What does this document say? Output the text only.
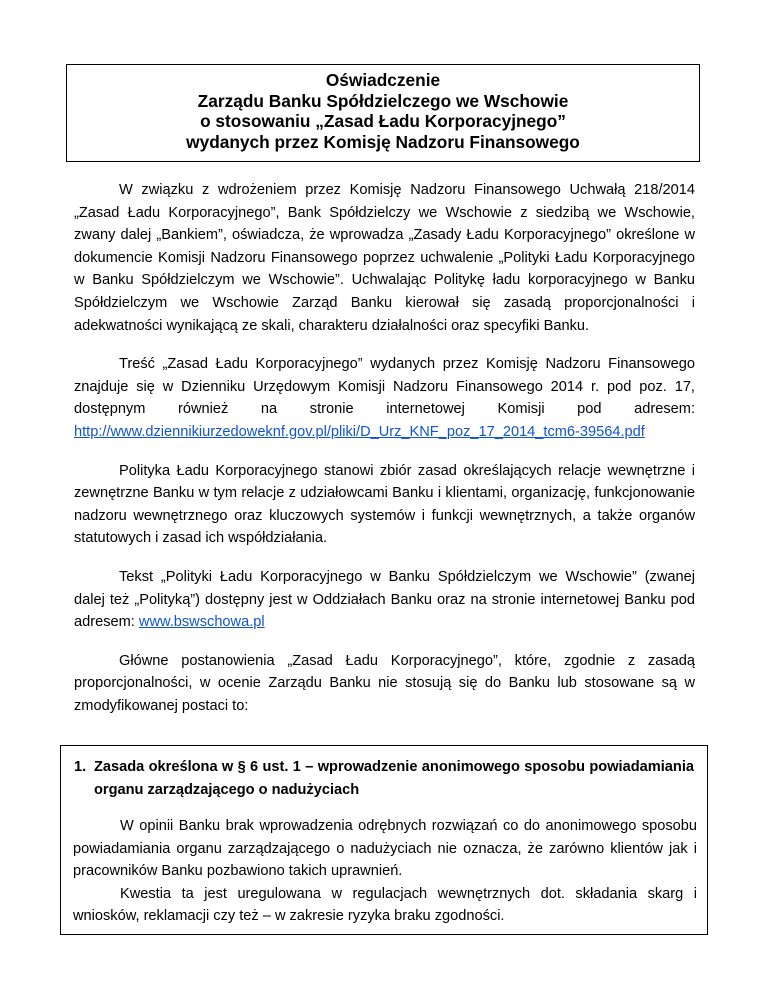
Oświadczenie
Zarządu Banku Spółdzielczego we Wschowie
o stosowaniu „Zasad Ładu Korporacyjnego”
wydanych przez Komisję Nadzoru Finansowego

W związku z wdrożeniem przez Komisję Nadzoru Finansowego Uchwałą 218/2014 „Zasad Ładu Korporacyjnego”, Bank Spółdzielczy we Wschowie z siedzibą we Wschowie, zwany dalej „Bankiem”, oświadcza, że wprowadza „Zasady Ładu Korporacyjnego” określone w dokumencie Komisji Nadzoru Finansowego poprzez uchwalenie „Polityki Ładu Korporacyjnego w Banku Spółdzielczym we Wschowie”. Uchwalając Politykę ładu korporacyjnego w Banku Spółdzielczym we Wschowie Zarząd Banku kierował się zasadą proporcjonalności i adekwatności wynikającą ze skali, charakteru działalności oraz specyfiki Banku.

Treść „Zasad Ładu Korporacyjnego” wydanych przez Komisję Nadzoru Finansowego znajduje się w Dzienniku Urzędowym Komisji Nadzoru Finansowego 2014 r. pod poz. 17, dostępnym również na stronie internetowej Komisji pod adresem: http://www.dziennikiurzedoweknf.gov.pl/pliki/D_Urz_KNF_poz_17_2014_tcm6-39564.pdf

Polityka Ładu Korporacyjnego stanowi zbiór zasad określających relacje wewnętrzne i zewnętrzne Banku w tym relacje z udziałowcami Banku i klientami, organizację, funkcjonowanie nadzoru wewnętrznego oraz kluczowych systemów i funkcji wewnętrznych, a także organów statutowych i zasad ich współdziałania.

Tekst „Polityki Ładu Korporacyjnego w Banku Spółdzielczym we Wschowie” (zwanej dalej też „Polityką”) dostępny jest w Oddziałach Banku oraz na stronie internetowej Banku pod adresem: www.bswschowa.pl

Główne postanowienia „Zasad Ładu Korporacyjnego”, które, zgodnie z zasadą proporcjonalności, w ocenie Zarządu Banku nie stosują się do Banku lub stosowane są w zmodyfikowanej postaci to:

1. Zasada określona w § 6 ust. 1 – wprowadzenie anonimowego sposobu powiadamiania organu zarządzającego o nadużyciach

W opinii Banku brak wprowadzenia odrębnych rozwiązań co do anonimowego sposobu powiadamiania organu zarządzającego o nadużyciach nie oznacza, że zarówno klientów jak i pracowników Banku pozbawiono takich uprawnień.

Kwestia ta jest uregulowana w regulacjach wewnętrznych dot. składania skarg i wniosków, reklamacji czy też – w zakresie ryzyka braku zgodności.
